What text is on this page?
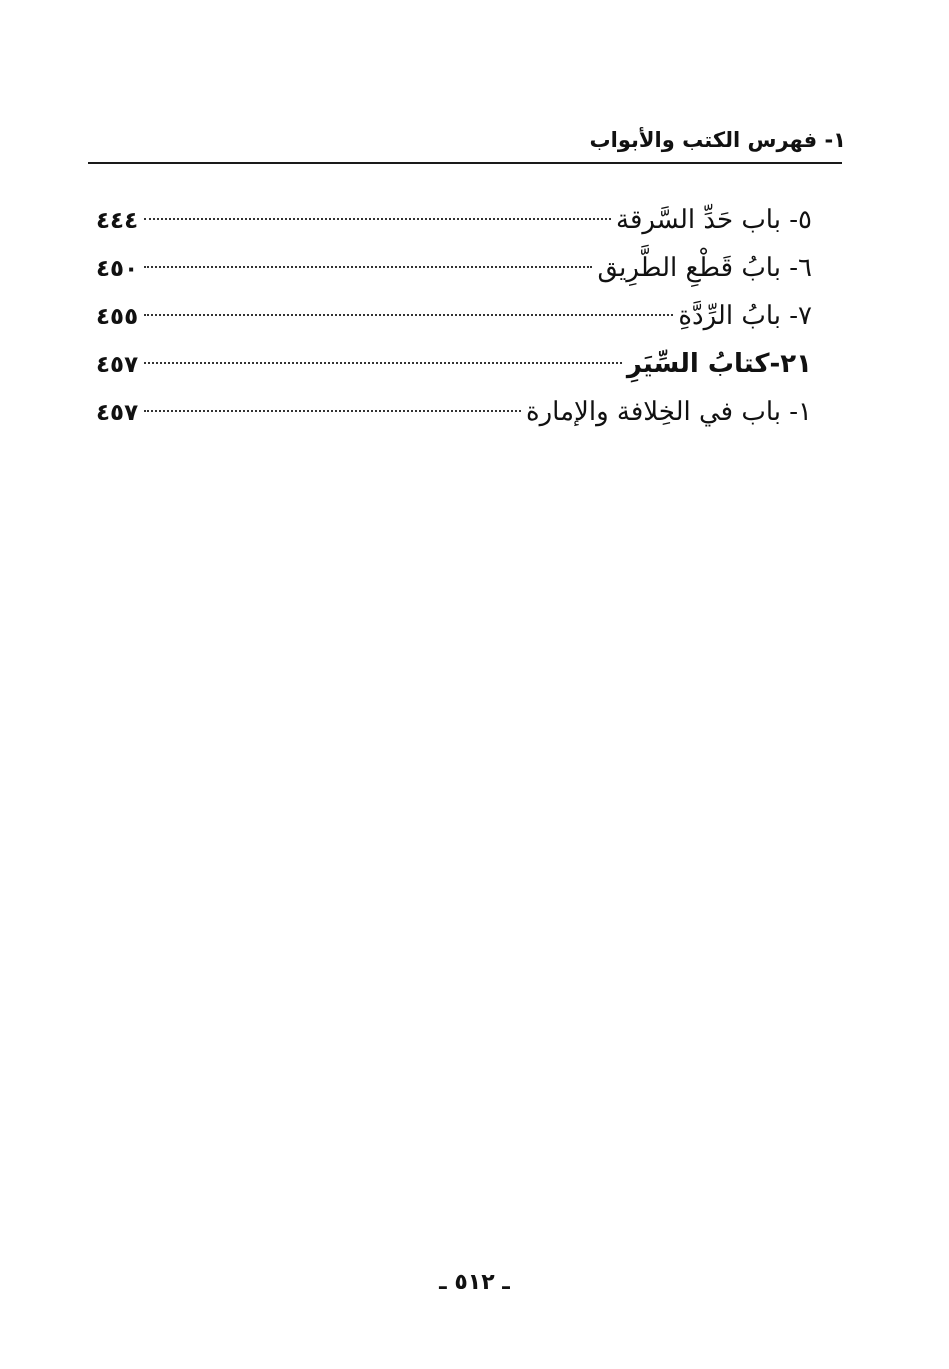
١- فهرس الكتب والأبواب
٥- باب حَدِّ السَّرقة
٤٤٤
٦- بابُ قَطْعِ الطَّرِيق
٤٥٠
٧- بابُ الرِّدَّةِ
٤٥٥
٢١-كتابُ السِّيَرِ
٤٥٧
١- باب في الخِلافة والإمارة
٤٥٧
ـ ٥١٢ ـ
